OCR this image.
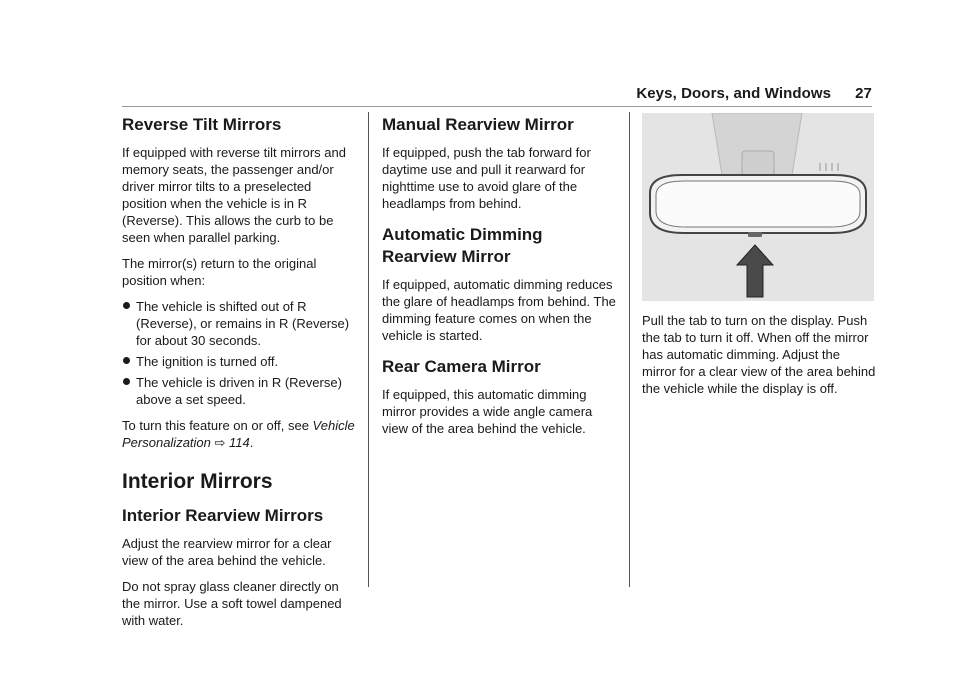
Keys, Doors, and Windows 27
Reverse Tilt Mirrors

If equipped with reverse tilt mirrors and memory seats, the passenger and/or driver mirror tilts to a preselected position when the vehicle is in R (Reverse). This allows the curb to be seen when parallel parking.

The mirror(s) return to the original position when:

The vehicle is shifted out of R (Reverse), or remains in R (Reverse) for about 30 seconds.
The ignition is turned off.
The vehicle is driven in R (Reverse) above a set speed.

To turn this feature on or off, see Vehicle Personalization ⇨ 114.

Interior Mirrors
Interior Rearview Mirrors

Adjust the rearview mirror for a clear view of the area behind the vehicle.

Do not spray glass cleaner directly on the mirror. Use a soft towel dampened with water.

Manual Rearview Mirror

If equipped, push the tab forward for daytime use and pull it rearward for nighttime use to avoid glare of the headlamps from behind.

Automatic Dimming Rearview Mirror

If equipped, automatic dimming reduces the glare of headlamps from behind. The dimming feature comes on when the vehicle is started.

Rear Camera Mirror

If equipped, this automatic dimming mirror provides a wide angle camera view of the area behind the vehicle.

Pull the tab to turn on the display. Push the tab to turn it off. When off the mirror has automatic dimming. Adjust the mirror for a clear view of the area behind the vehicle while the display is off.
